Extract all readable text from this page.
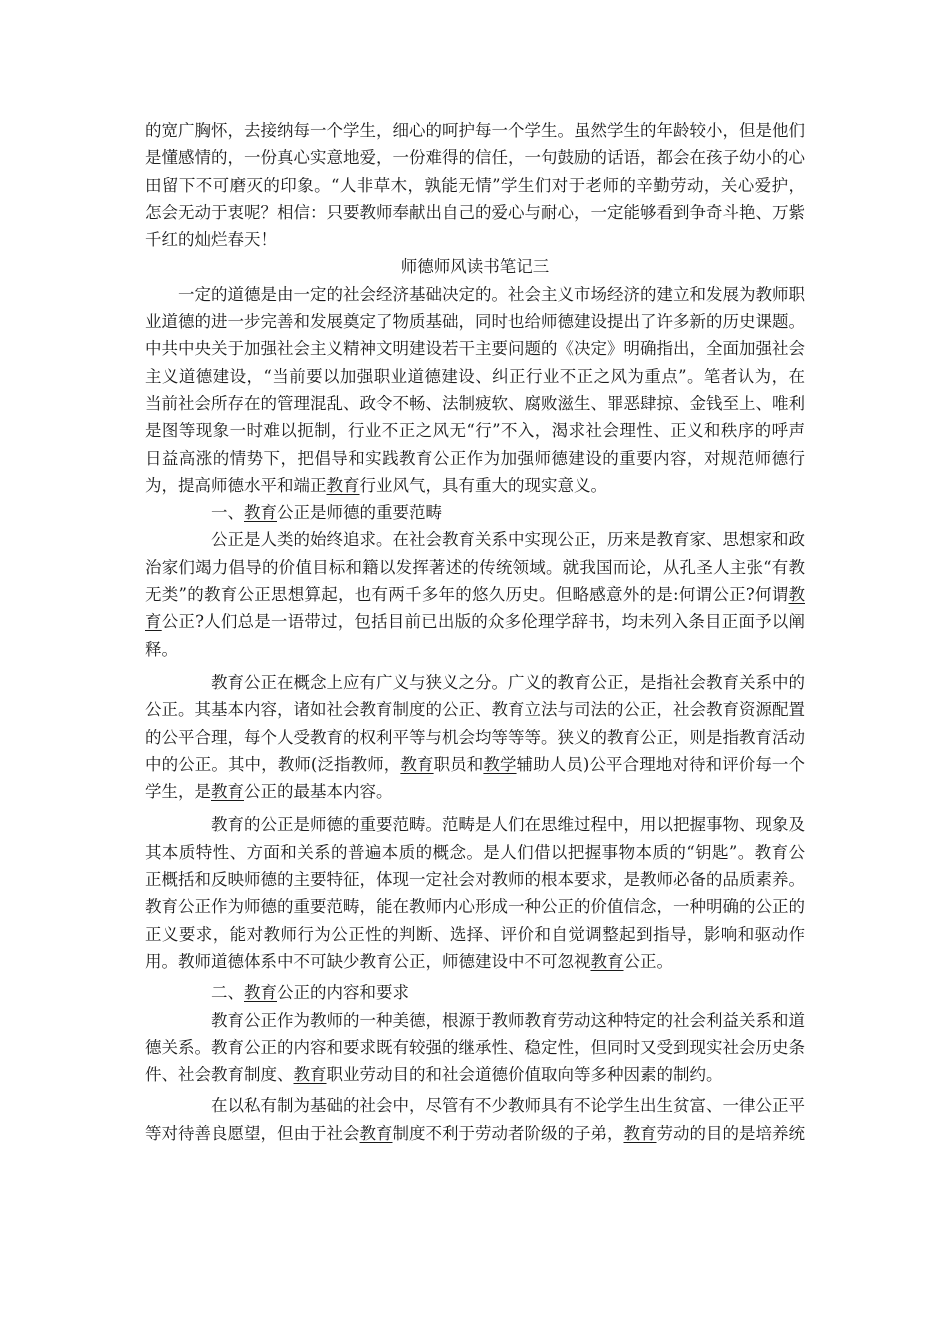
的宽广胸怀，去接纳每一个学生，细心的呵护每一个学生。虽然学生的年龄较小，但是他们是懂感情的，一份真心实意地爱，一份难得的信任，一句鼓励的话语，都会在孩子幼小的心田留下不可磨灭的印象。“人非草木，孰能无情”学生们对于老师的辛勤劳动，关心爱护，怎会无动于衷呢？相信：只要教师奉献出自己的爱心与耐心，一定能够看到争奇斗艳、万紫千红的灿烂春天！

师德师风读书笔记三

一定的道德是由一定的社会经济基础决定的。社会主义市场经济的建立和发展为教师职业道德的进一步完善和发展奠定了物质基础，同时也给师德建设提出了许多新的历史课题。

中共中央关于加强社会主义精神文明建设若干主要问题的《决定》明确指出，全面加强社会主义道德建设，“当前要以加强职业道德建设、纠正行业不正之风为重点”。笔者认为，在当前社会所存在的管理混乱、政令不畅、法制疲软、腐败滋生、罪恶肆掠、金钱至上、唯利是图等现象一时难以扼制，行业不正之风无“行”不入，渴求社会理性、正义和秩序的呼声日益高涨的情势下，把倡导和实践教育公正作为加强师德建设的重要内容，对规范师德行为，提高师德水平和端正教育行业风气，具有重大的现实意义。

一、教育公正是师德的重要范畴

公正是人类的始终追求。在社会教育关系中实现公正，历来是教育家、思想家和政治家们竭力倡导的价值目标和籍以发挥著述的传统领域。就我国而论，从孔圣人主张“有教无类”的教育公正思想算起，也有两千多年的悠久历史。但略感意外的是:何谓公正?何谓教育公正?人们总是一语带过，包括目前已出版的众多伦理学辞书，均未列入条目正面予以阐释。

教育公正在概念上应有广义与狭义之分。广义的教育公正，是指社会教育关系中的公正。其基本内容，诸如社会教育制度的公正、教育立法与司法的公正，社会教育资源配置的公平合理，每个人受教育的权利平等与机会均等等等。狭义的教育公正，则是指教育活动中的公正。其中，教师(泛指教师，教育职员和教学辅助人员)公平合理地对待和评价每一个学生，是教育公正的最基本内容。

教育的公正是师德的重要范畴。范畴是人们在思维过程中，用以把握事物、现象及其本质特性、方面和关系的普遍本质的概念。是人们借以把握事物本质的“钥匙”。教育公正概括和反映师德的主要特征，体现一定社会对教师的根本要求，是教师必备的品质素养。教育公正作为师德的重要范畴，能在教师内心形成一种公正的价值信念，一种明确的公正的正义要求，能对教师行为公正性的判断、选择、评价和自觉调整起到指导，影响和驱动作用。教师道德体系中不可缺少教育公正，师德建设中不可忽视教育公正。

二、教育公正的内容和要求

教育公正作为教师的一种美德，根源于教师教育劳动这种特定的社会利益关系和道德关系。教育公正的内容和要求既有较强的继承性、稳定性，但同时又受到现实社会历史条件、社会教育制度、教育职业劳动目的和社会道德价值取向等多种因素的制约。

在以私有制为基础的社会中，尽管有不少教师具有不论学生出生贫富、一律公正平等对待善良愿望，但由于社会教育制度不利于劳动者阶级的子弟，教育劳动的目的是培养统
